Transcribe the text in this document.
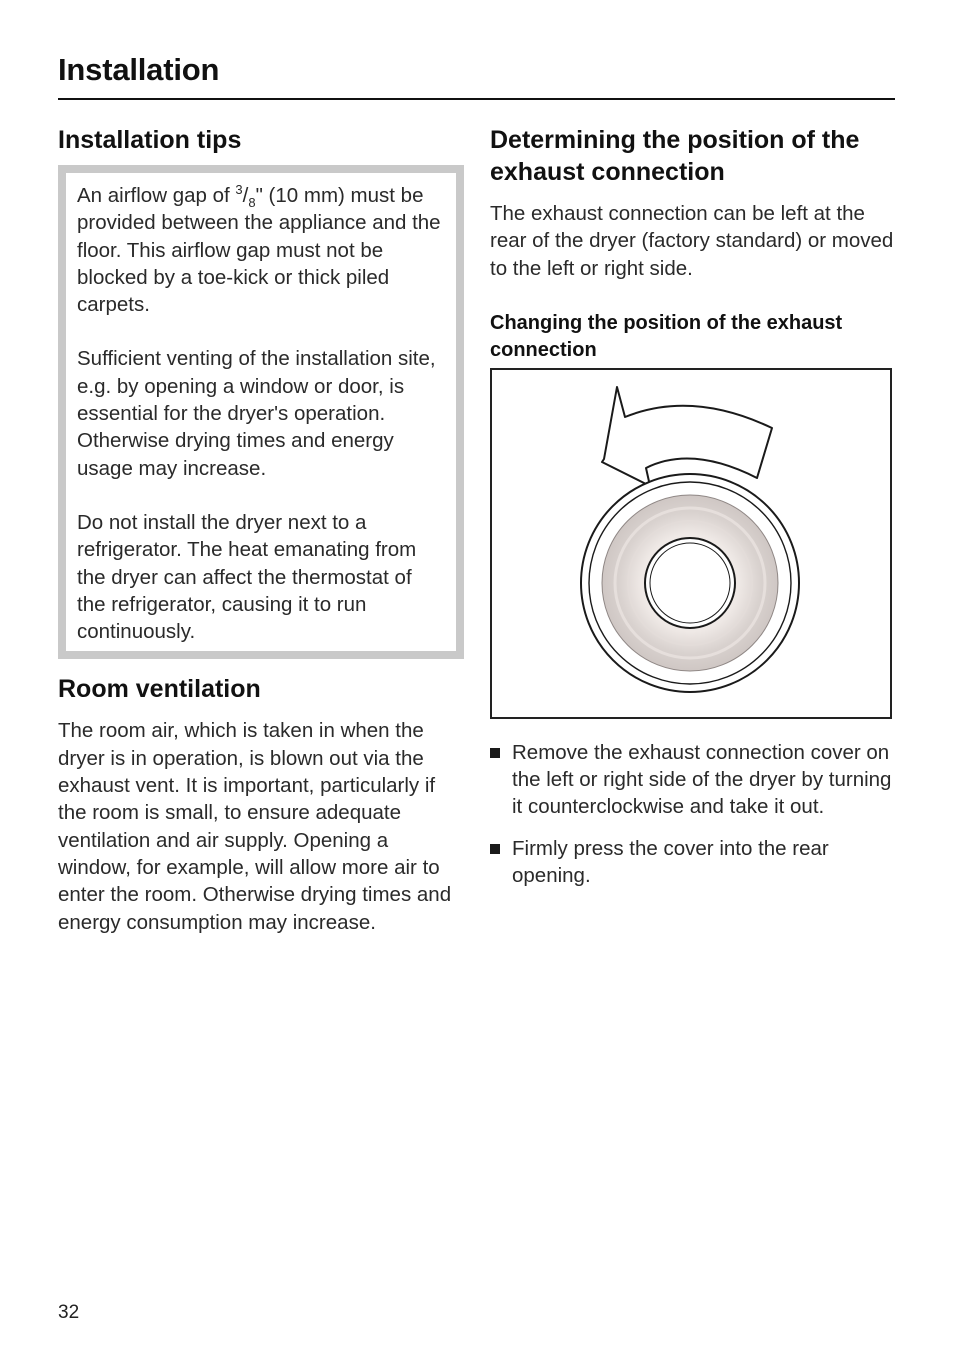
Installation
Installation tips

An airflow gap of $^3/_8$" (10 mm) must be provided between the appliance and the floor. This airflow gap must not be blocked by a toe-kick or thick piled carpets.

Sufficient venting of the installation site, e.g. by opening a window or door, is essential for the dryer's operation. Otherwise drying times and energy usage may increase.

Do not install the dryer next to a refrigerator. The heat emanating from the dryer can affect the thermostat of the refrigerator, causing it to run continuously.

Room ventilation

The room air, which is taken in when the dryer is in operation, is blown out via the exhaust vent. It is important, particularly if the room is small, to ensure adequate ventilation and air supply. Opening a window, for example, will allow more air to enter the room. Otherwise drying times and energy consumption may increase.

Determining the position of the exhaust connection

The exhaust connection can be left at the rear of the dryer (factory standard) or moved to the left or right side.

Changing the position of the exhaust connection

Remove the exhaust connection cover on the left or right side of the dryer by turning it counterclockwise and take it out.

Firmly press the cover into the rear opening.

32
